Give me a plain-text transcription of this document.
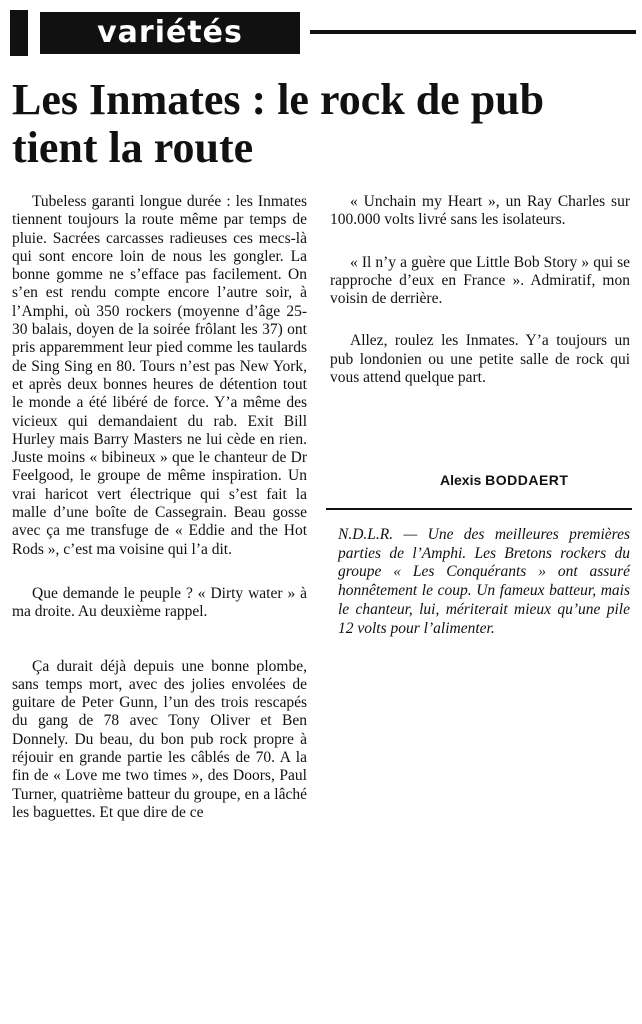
variétés
Les Inmates : le rock de pub tient la route

Tubeless garanti longue durée : les Inmates tiennent toujours la route même par temps de pluie. Sacrées carcasses radieuses ces mecs-là qui sont encore loin de nous les gongler. La bonne gomme ne s’efface pas facilement. On s’en est rendu compte encore l’autre soir, à l’Amphi, où 350 rockers (moyenne d’âge 25-30 balais, doyen de la soirée frôlant les 37) ont pris apparemment leur pied comme les taulards de Sing Sing en 80. Tours n’est pas New York, et après deux bonnes heures de détention tout le monde a été libéré de force. Y’a même des vicieux qui demandaient du rab. Exit Bill Hurley mais Barry Masters ne lui cède en rien. Juste moins « bibineux » que le chanteur de Dr Feelgood, le groupe de même inspiration. Un vrai haricot vert électrique qui s’est fait la malle d’une boîte de Cassegrain. Beau gosse avec ça me transfuge de « Eddie and the Hot Rods », c’est ma voisine qui l’a dit.

Que demande le peuple ? « Dirty water » à ma droite. Au deuxième rappel.

Ça durait déjà depuis une bonne plombe, sans temps mort, avec des jolies envolées de guitare de Peter Gunn, l’un des trois rescapés du gang de 78 avec Tony Oliver et Ben Donnely. Du beau, du bon pub rock propre à réjouir en grande partie les câblés de 70. A la fin de « Love me two times », des Doors, Paul Turner, quatrième batteur du groupe, en a lâché les baguettes. Et que dire de ce

« Unchain my Heart », un Ray Charles sur 100.000 volts livré sans les isolateurs.

« Il n’y a guère que Little Bob Story » qui se rapproche d’eux en France ». Admiratif, mon voisin de derrière.

Allez, roulez les Inmates. Y’a toujours un pub londonien ou une petite salle de rock qui vous attend quelque part.

Alexis BODDAERT

N.D.L.R. — Une des meilleures premières parties de l’Amphi. Les Bretons rockers du groupe « Les Conquérants » ont assuré honnêtement le coup. Un fameux batteur, mais le chanteur, lui, mériterait mieux qu’une pile 12 volts pour l’alimenter.
